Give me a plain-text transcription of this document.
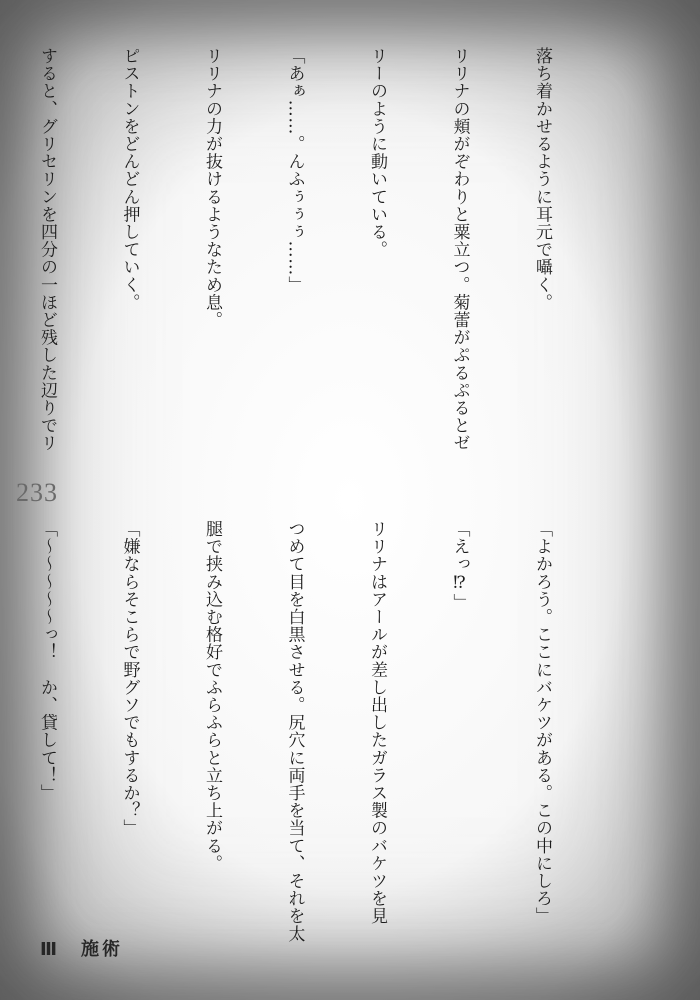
落ち着かせるように耳元で囁く。

リリナの頬がぞわりと粟立つ。菊蕾がぷるぷるとゼ

リーのように動いている。

「あぁ……。んふぅぅぅ……」

リリナの力が抜けるようなため息。

ピストンをどんどん押していく。

すると、グリセリンを四分の一ほど残した辺りでリ

233

「よかろう。ここにバケツがある。この中にしろ」

「えっ⁉」

リリナはアールが差し出したガラス製のバケツを見

つめて目を白黒させる。尻穴に両手を当て、それを太

腿で挟み込む格好でふらふらと立ち上がる。

「嫌ならそこらで野グソでもするか？」

「〜〜〜〜〜っ！　か、貸して！」

Ⅲ　施術
